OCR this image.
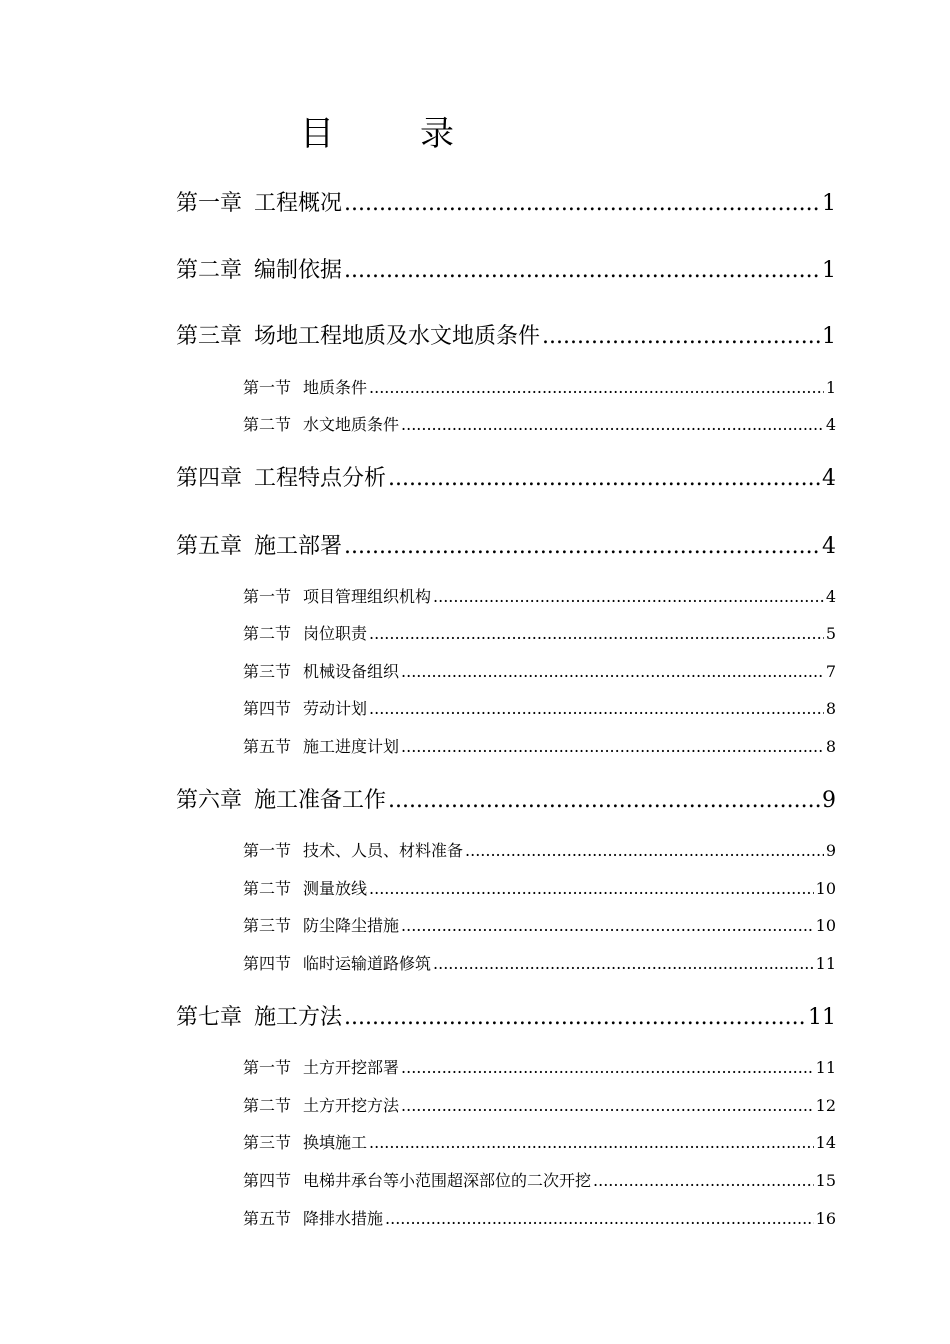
目	录
第一章 工程概况 .....	1
第二章 编制依据 .....	1
第三章 场地工程地质及水文地质条件 .....	1
第一节 地质条件 .....	1
第二节 水文地质条件 .....	4
第四章 工程特点分析 .....	4
第五章 施工部署 .....	4
第一节 项目管理组织机构 .....	4
第二节 岗位职责 .....	5
第三节 机械设备组织 .....	7
第四节 劳动计划 .....	8
第五节 施工进度计划 .....	8
第六章 施工准备工作 .....	9
第一节 技术、人员、材料准备 .....	9
第二节 测量放线 .....	10
第三节 防尘降尘措施 .....	10
第四节 临时运输道路修筑 .....	11
第七章 施工方法 .....	11
第一节 土方开挖部署 .....	11
第二节 土方开挖方法 .....	12
第三节 换填施工 .....	14
第四节 电梯井承台等小范围超深部位的二次开挖 .....	15
第五节 降排水措施 .....	16
